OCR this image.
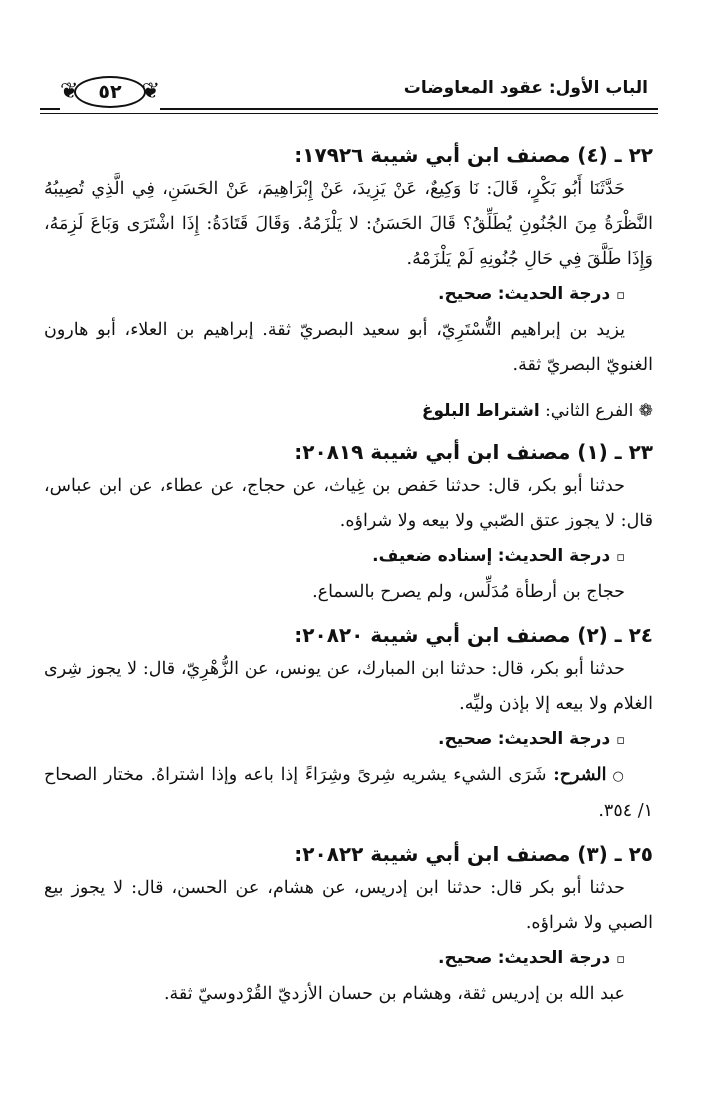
الباب الأول: عقود المعاوضات
❦	٥٢ ❦
٢٢ ـ (٤) مصنف ابن أبي شيبة ١٧٩٢٦:

حَدَّثَنَا أَبُو بَكْرٍ، قَالَ: نَا وَكِيعٌ، عَنْ يَزِيدَ، عَنْ إِبْرَاهِيمَ، عَنْ الحَسَنِ، فِي الَّذِي تُصِيبُهُ النَّظْرَةُ مِنَ الجُنُونِ يُطَلِّقُ؟ قَالَ الحَسَنُ: لا يَلْزَمُهُ. وَقَالَ قَتَادَةُ: إِذَا اشْتَرَى وَبَاعَ لَزِمَهُ، وَإِذَا طَلَّقَ فِي حَالِ جُنُونِهِ لَمْ يَلْزَمْهُ.

▫درجة الحديث: صحيح.

يزيد بن إبراهيم التُّسْتَرِيّ، أبو سعيد البصريّ ثقة. إبراهيم بن العلاء، أبو هارون الغنويّ البصريّ ثقة.

❁ الفرع الثاني: اشتراط البلوغ
٢٣ ـ (١) مصنف ابن أبي شيبة ٢٠٨١٩:

حدثنا أبو بكر، قال: حدثنا حَفص بن غِياث، عن حجاج، عن عطاء، عن ابن عباس، قال: لا يجوز عتق الصّبي ولا بيعه ولا شراؤه.

▫درجة الحديث: إسناده ضعيف.

حجاج بن أرطأة مُدَلِّس، ولم يصرح بالسماع.

٢٤ ـ (٢) مصنف ابن أبي شيبة ٢٠٨٢٠:

حدثنا أبو بكر، قال: حدثنا ابن المبارك، عن يونس، عن الزُّهْرِيّ، قال: لا يجوز شِرى الغلام ولا بيعه إلا بإذن وليِّه.

▫درجة الحديث: صحيح.

○الشرح: شَرَى الشيء يشريه شِرىً وشِرَاءً إذا باعه وإذا اشتراهُ. مختار الصحاح ١/ ٣٥٤.

٢٥ ـ (٣) مصنف ابن أبي شيبة ٢٠٨٢٢:

حدثنا أبو بكر قال: حدثنا ابن إدريس، عن هشام، عن الحسن، قال: لا يجوز بيع الصبي ولا شراؤه.

▫درجة الحديث: صحيح.

عبد الله بن إدريس ثقة، وهشام بن حسان الأزديّ القُرْدوسيّ ثقة.
